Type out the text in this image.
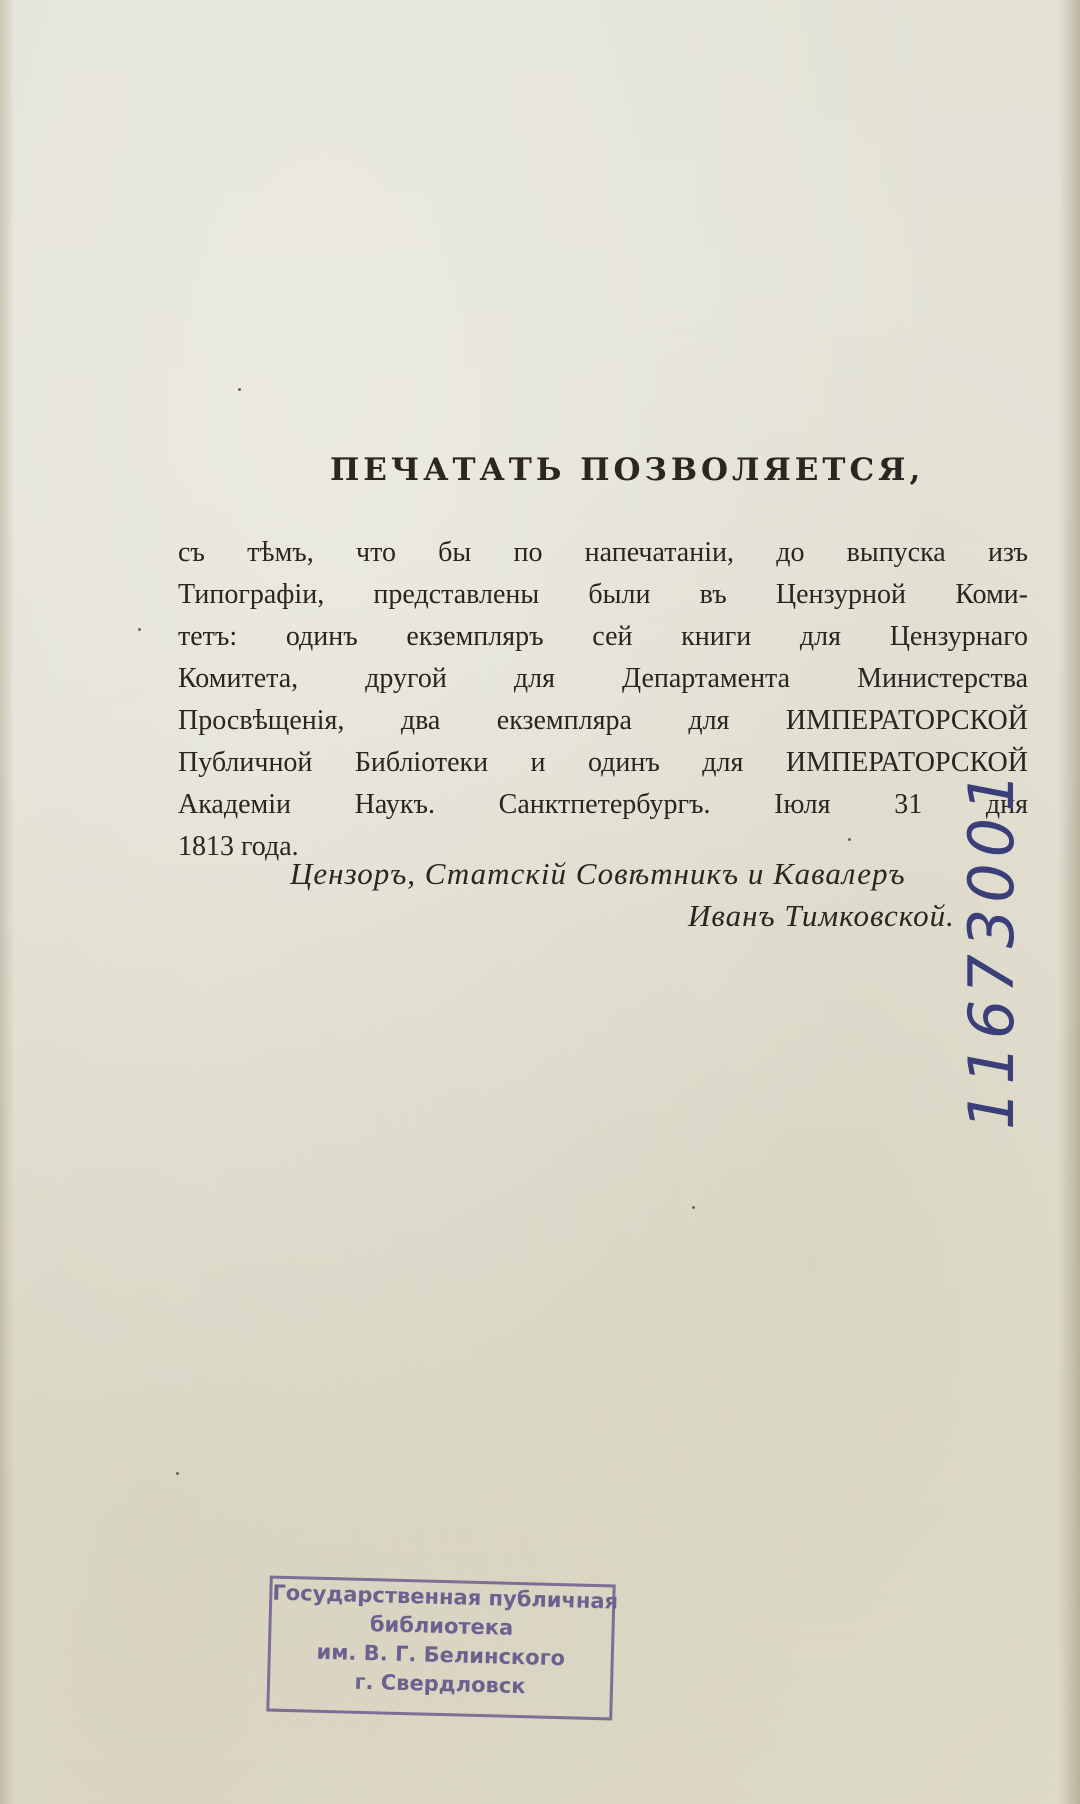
ПЕЧАТАТЬ ПОЗВОЛЯЕТСЯ,
съ тѣмъ, что бы по напечатаніи, до выпуска изъ
Типографіи, представлены были въ Цензурной Коми-
тетъ: одинъ екземпляръ сей книги для Цензурнаго
Комитета, другой для Департамента Министерства
Просвѣщенія, два екземпляра для ИМПЕРАТОРСКОЙ
Публичной Библіотеки и одинъ для ИМПЕРАТОРСКОЙ
Академіи Наукъ. Санктпетербургъ. Іюля 31 дня
1813 года.
Цензоръ, Статскій Совѣтникъ и Кавалеръ
Иванъ Тимковской. 11673001
Государственная публичная
библиотека
им. В. Г. Белинского
г. Свердловск
